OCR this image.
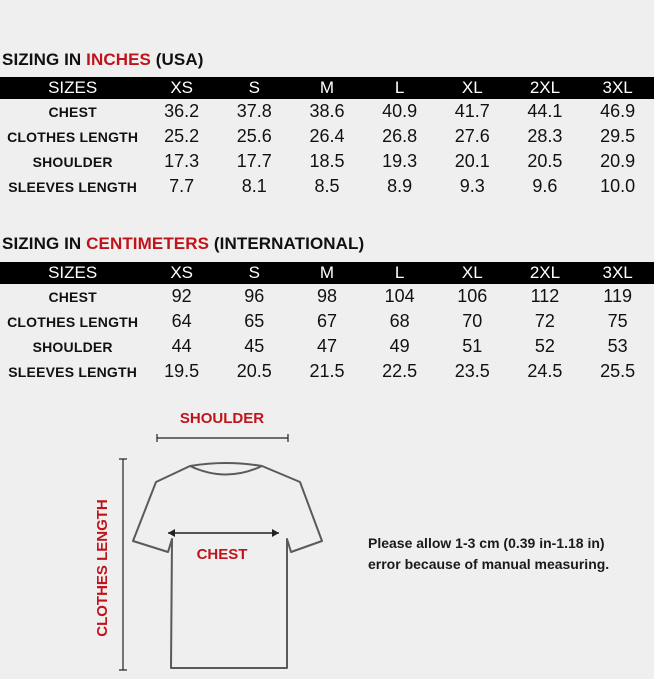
SIZING IN INCHES (USA)
SIZES	XS	S	M	L	XL	2XL	3XL
CHEST	36.2	37.8	38.6	40.9	41.7	44.1	46.9
CLOTHES LENGTH	25.2	25.6	26.4	26.8	27.6	28.3	29.5
SHOULDER	17.3	17.7	18.5	19.3	20.1	20.5	20.9
SLEEVES LENGTH	7.7	8.1	8.5	8.9	9.3	9.6	10.0
SIZING IN CENTIMETERS (INTERNATIONAL)
SIZES	XS	S	M	L	XL	2XL	3XL
CHEST	92	96	98	104	106	112	119
CLOTHES LENGTH	64	65	67	68	70	72	75
SHOULDER	44	45	47	49	51	52	53
SLEEVES LENGTH	19.5	20.5	21.5	22.5	23.5	24.5	25.5
SHOULDER
CLOTHES LENGTH	CHEST
Please allow 1-3 cm (0.39 in-1.18 in)
error because of manual measuring.
